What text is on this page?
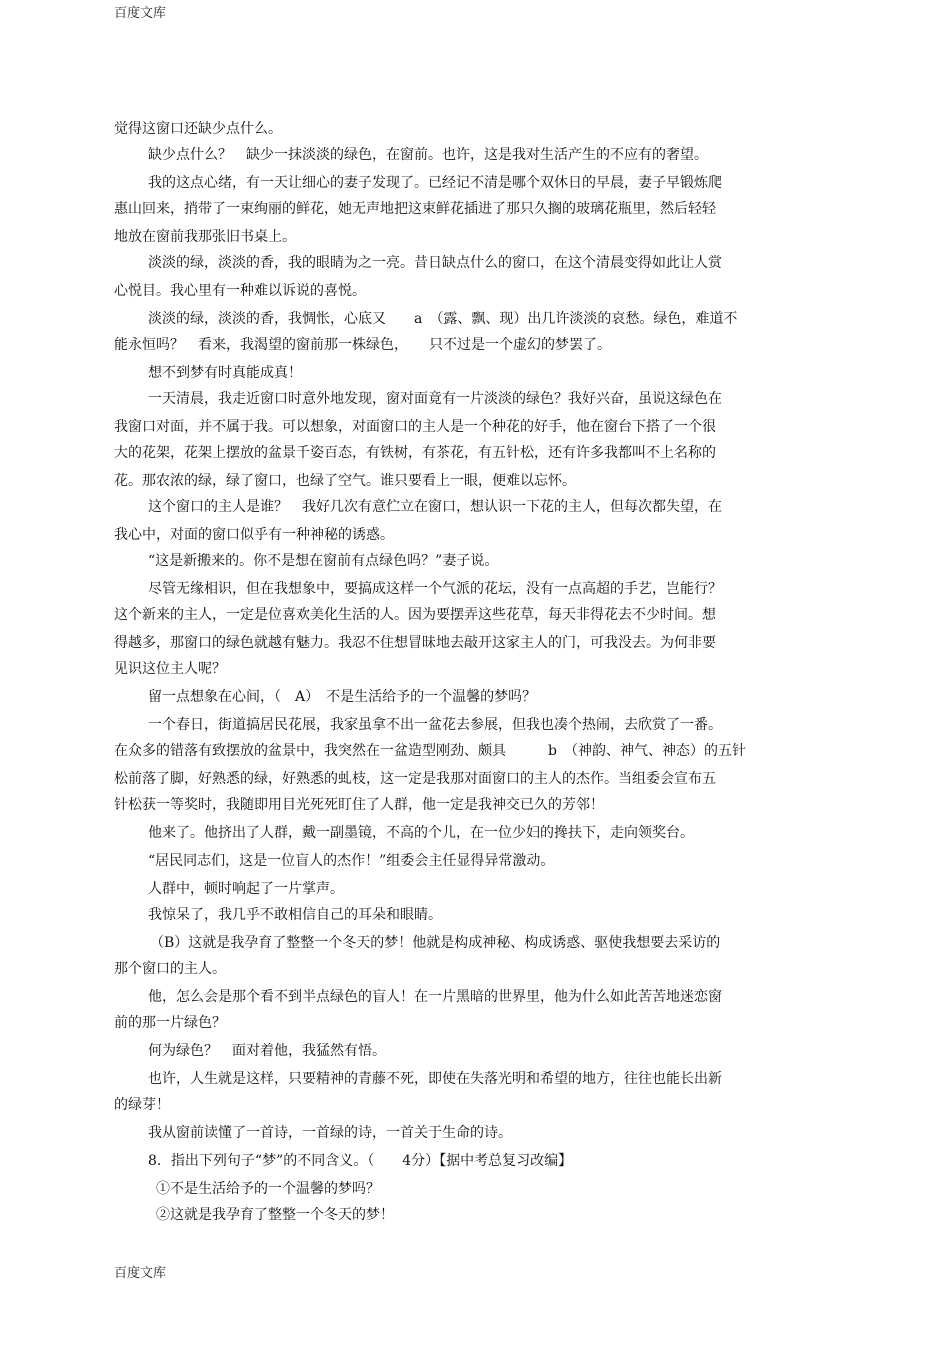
百度文库
觉得这窗口还缺少点什么。
缺少点什么？　缺少一抹淡淡的绿色，在窗前。也许，这是我对生活产生的不应有的奢望。
我的这点心绪，有一天让细心的妻子发现了。已经记不清是哪个双休日的早晨，妻子早锻炼爬
惠山回来，捎带了一束绚丽的鲜花，她无声地把这束鲜花插进了那只久搁的玻璃花瓶里，然后轻轻
地放在窗前我那张旧书桌上。
淡淡的绿，淡淡的香，我的眼睛为之一亮。昔日缺点什么的窗口，在这个清晨变得如此让人赏
心悦目。我心里有一种难以诉说的喜悦。
淡淡的绿，淡淡的香，我惆怅，心底又　　a　（露、飘、现）出几许淡淡的哀愁。绿色，难道不
能永恒吗？　看来，我渴望的窗前那一株绿色，　　只不过是一个虚幻的梦罢了。
想不到梦有时真能成真！
一天清晨，我走近窗口时意外地发现，窗对面竟有一片淡淡的绿色？我好兴奋，虽说这绿色在
我窗口对面，并不属于我。可以想象，对面窗口的主人是一个种花的好手，他在窗台下搭了一个很
大的花架，花架上摆放的盆景千姿百态，有铁树，有茶花，有五针松，还有许多我都叫不上名称的
花。那农浓的绿，绿了窗口，也绿了空气。谁只要看上一眼，便难以忘怀。
这个窗口的主人是谁？　我好几次有意伫立在窗口，想认识一下花的主人，但每次都失望，在
我心中，对面的窗口似乎有一种神秘的诱惑。
“这是新搬来的。你不是想在窗前有点绿色吗？”妻子说。
尽管无缘相识，但在我想象中，要搞成这样一个气派的花坛，没有一点高超的手艺，岂能行？
这个新来的主人，一定是位喜欢美化生活的人。因为要摆弄这些花草，每天非得花去不少时间。想
得越多，那窗口的绿色就越有魅力。我忍不住想冒昧地去敲开这家主人的门，可我没去。为何非要
见识这位主人呢？
留一点想象在心间，（　A）　不是生活给予的一个温馨的梦吗？
一个春日，街道搞居民花展，我家虽拿不出一盆花去参展，但我也凑个热闹，去欣赏了一番。
在众多的错落有致摆放的盆景中，我突然在一盆造型刚劲、颇具　　　b　（神韵、神气、神态）的五针
松前落了脚，好熟悉的绿，好熟悉的虬枝，这一定是我那对面窗口的主人的杰作。当组委会宣布五
针松获一等奖时，我随即用目光死死盯住了人群，他一定是我神交已久的芳邻！
他来了。他挤出了人群，戴一副墨镜，不高的个儿，在一位少妇的搀扶下，走向领奖台。
“居民同志们，这是一位盲人的杰作！”组委会主任显得异常激动。
人群中，顿时响起了一片掌声。
我惊呆了，我几乎不敢相信自己的耳朵和眼睛。
（B）这就是我孕育了整整一个冬天的梦！他就是构成神秘、构成诱惑、驱使我想要去采访的
那个窗口的主人。
他，怎么会是那个看不到半点绿色的盲人！在一片黑暗的世界里，他为什么如此苦苦地迷恋窗
前的那一片绿色？
何为绿色？　面对着他，我猛然有悟。
也许，人生就是这样，只要精神的青藤不死，即使在失落光明和希望的地方，往往也能长出新
的绿芽！
我从窗前读懂了一首诗，一首绿的诗，一首关于生命的诗。
8．指出下列句子“梦”的不同含义。（　　4分）【据中考总复习改编】
①不是生活给予的一个温馨的梦吗？
②这就是我孕育了整整一个冬天的梦！
百度文库
